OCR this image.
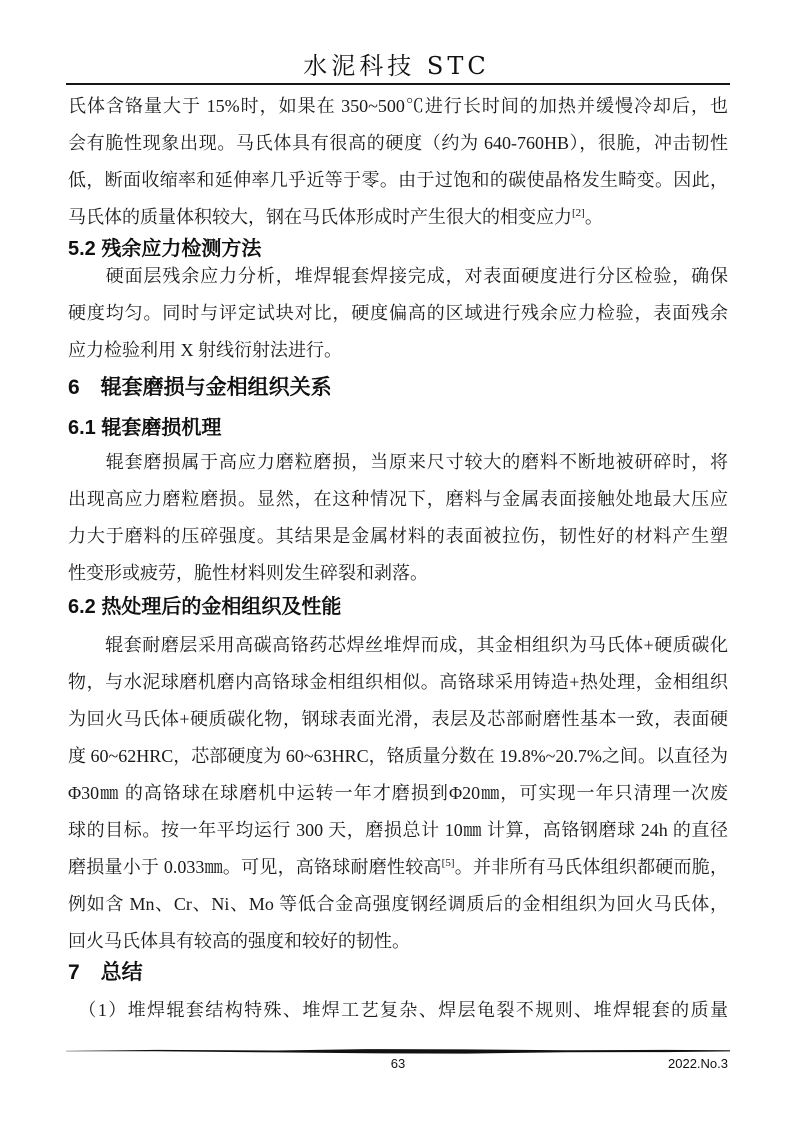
水泥科技 STC
氏体含铬量大于 15%时，如果在 350~500℃进行长时间的加热并缓慢冷却后，也
会有脆性现象出现。马氏体具有很高的硬度（约为 640-760HB），很脆，冲击韧性
低，断面收缩率和延伸率几乎近等于零。由于过饱和的碳使晶格发生畸变。因此，
马氏体的质量体积较大，钢在马氏体形成时产生很大的相变应力[2]。
5.2 残余应力检测方法
　　硬面层残余应力分析，堆焊辊套焊接完成，对表面硬度进行分区检验，确保
硬度均匀。同时与评定试块对比，硬度偏高的区域进行残余应力检验，表面残余
应力检验利用 X 射线衍射法进行。
6　辊套磨损与金相组织关系
6.1 辊套磨损机理
　　辊套磨损属于高应力磨粒磨损，当原来尺寸较大的磨料不断地被研碎时，将
出现高应力磨粒磨损。显然，在这种情况下，磨料与金属表面接触处地最大压应
力大于磨料的压碎强度。其结果是金属材料的表面被拉伤，韧性好的材料产生塑
性变形或疲劳，脆性材料则发生碎裂和剥落。
6.2 热处理后的金相组织及性能
　　辊套耐磨层采用高碳高铬药芯焊丝堆焊而成，其金相组织为马氏体+硬质碳化
物，与水泥球磨机磨内高铬球金相组织相似。高铬球采用铸造+热处理，金相组织
为回火马氏体+硬质碳化物，钢球表面光滑，表层及芯部耐磨性基本一致，表面硬
度 60~62HRC，芯部硬度为 60~63HRC，铬质量分数在 19.8%~20.7%之间。以直径为
Φ30㎜ 的高铬球在球磨机中运转一年才磨损到Φ20㎜，可实现一年只清理一次废
球的目标。按一年平均运行 300 天，磨损总计 10㎜ 计算，高铬钢磨球 24h 的直径
磨损量小于 0.033㎜。可见，高铬球耐磨性较高[5]。并非所有马氏体组织都硬而脆，
例如含 Mn、Cr、Ni、Mo 等低合金高强度钢经调质后的金相组织为回火马氏体，
回火马氏体具有较高的强度和较好的韧性。
7　总结
　（1）堆焊辊套结构特殊、堆焊工艺复杂、焊层龟裂不规则、堆焊辊套的质量
63	2022.No.3
